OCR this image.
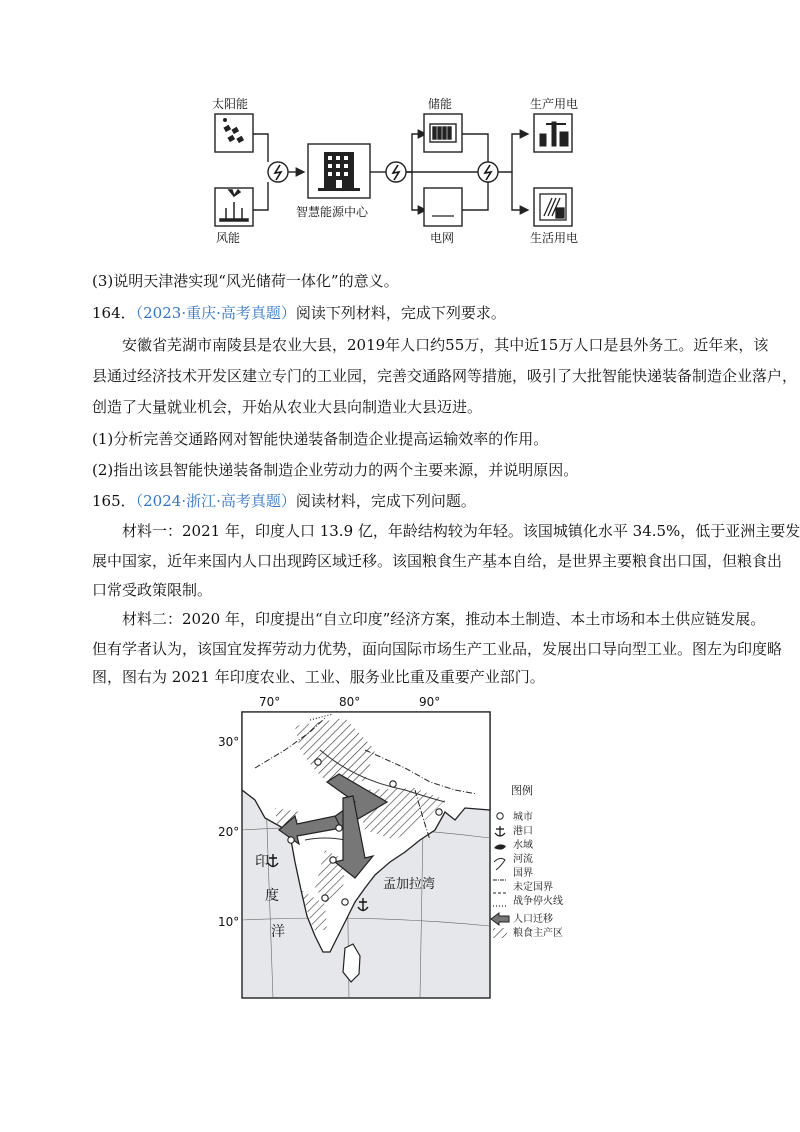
太阳能
风能
智慧能源中心
储能
电网
生产用电
生活用电
(3)说明天津港实现“风光储荷一体化”的意义。
164．（2023·重庆·高考真题）阅读下列材料，完成下列要求。
安徽省芜湖市南陵县是农业大县，2019年人口约55万，其中近15万人口是县外务工。近年来，该
县通过经济技术开发区建立专门的工业园，完善交通路网等措施，吸引了大批智能快递装备制造企业落户，
创造了大量就业机会，开始从农业大县向制造业大县迈进。
(1)分析完善交通路网对智能快递装备制造企业提高运输效率的作用。
(2)指出该县智能快递装备制造企业劳动力的两个主要来源，并说明原因。
165．（2024·浙江·高考真题）阅读材料，完成下列问题。
材料一：2021 年，印度人口 13.9 亿，年龄结构较为年轻。该国城镇化水平 34.5%，低于亚洲主要发
展中国家，近年来国内人口出现跨区域迁移。该国粮食生产基本自给，是世界主要粮食出口国，但粮食出
口常受政策限制。
材料二：2020 年，印度提出“自立印度”经济方案，推动本土制造、本土市场和本土供应链发展。
但有学者认为，该国宜发挥劳动力优势，面向国际市场生产工业品，发展出口导向型工业。图左为印度略
图，图右为 2021 年印度农业、工业、服务业比重及重要产业部门。
70°	80°	90°
30°
20°
10°
印
度
洋
孟加拉湾
图例
城市
港口
水域
河流
国界
未定国界
战争停火线
人口迁移
粮食主产区
